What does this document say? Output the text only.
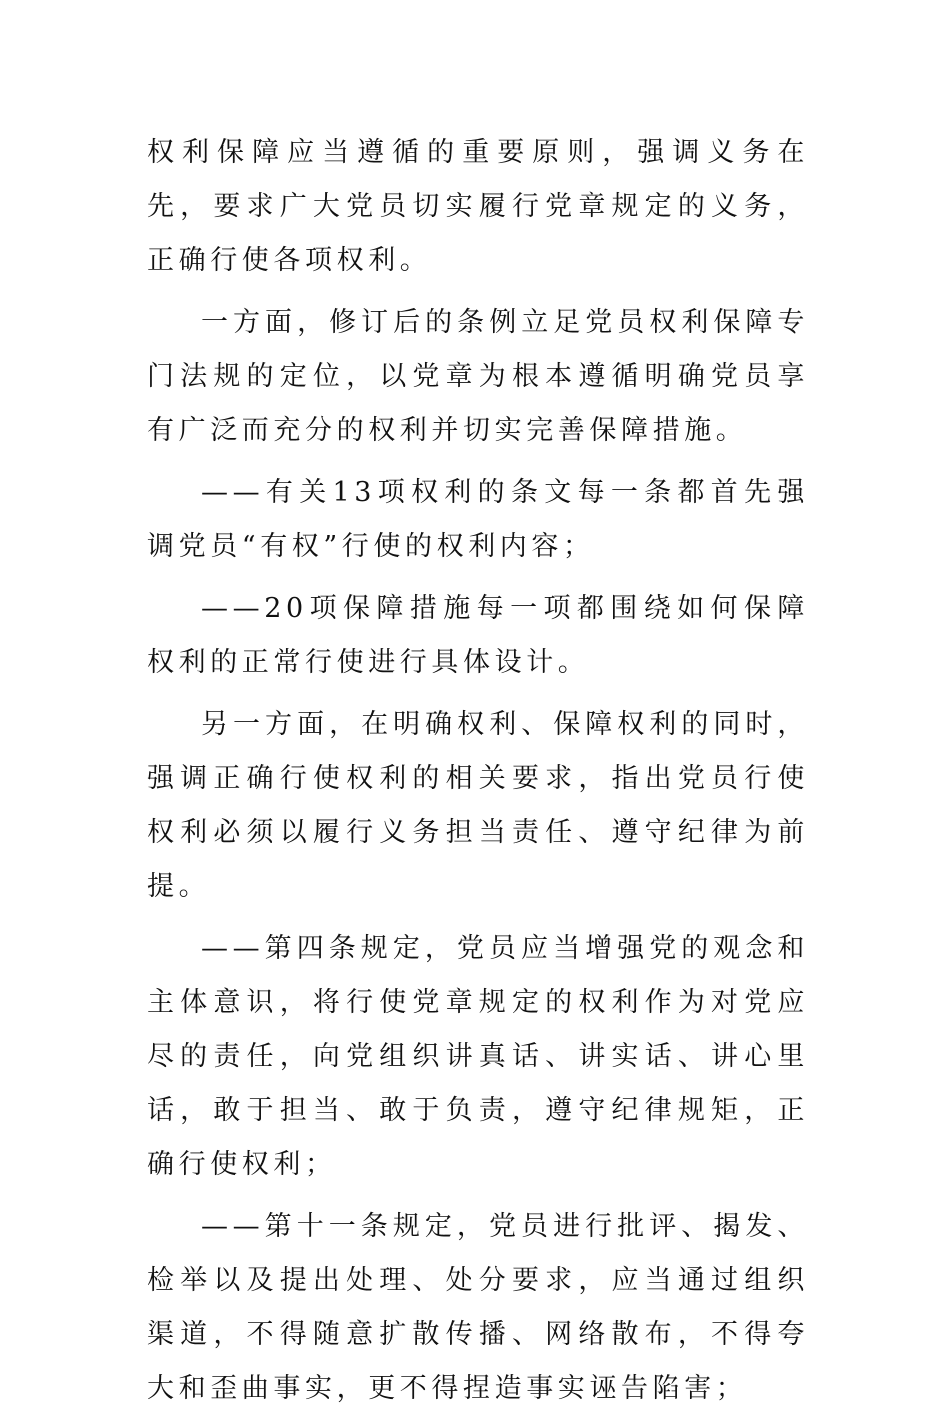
权利保障应当遵循的重要原则，强调义务在先，要求广大党员切实履行党章规定的义务，正确行使各项权利。

一方面，修订后的条例立足党员权利保障专门法规的定位，以党章为根本遵循明确党员享有广泛而充分的权利并切实完善保障措施。

——有关13项权利的条文每一条都首先强调党员“有权”行使的权利内容；

——20项保障措施每一项都围绕如何保障权利的正常行使进行具体设计。

另一方面，在明确权利、保障权利的同时，强调正确行使权利的相关要求，指出党员行使权利必须以履行义务担当责任、遵守纪律为前提。

——第四条规定，党员应当增强党的观念和主体意识，将行使党章规定的权利作为对党应尽的责任，向党组织讲真话、讲实话、讲心里话，敢于担当、敢于负责，遵守纪律规矩，正确行使权利；

——第十一条规定，党员进行批评、揭发、检举以及提出处理、处分要求，应当通过组织渠道，不得随意扩散传播、网络散布，不得夸大和歪曲事实，更不得捏造事实诬告陷害；
